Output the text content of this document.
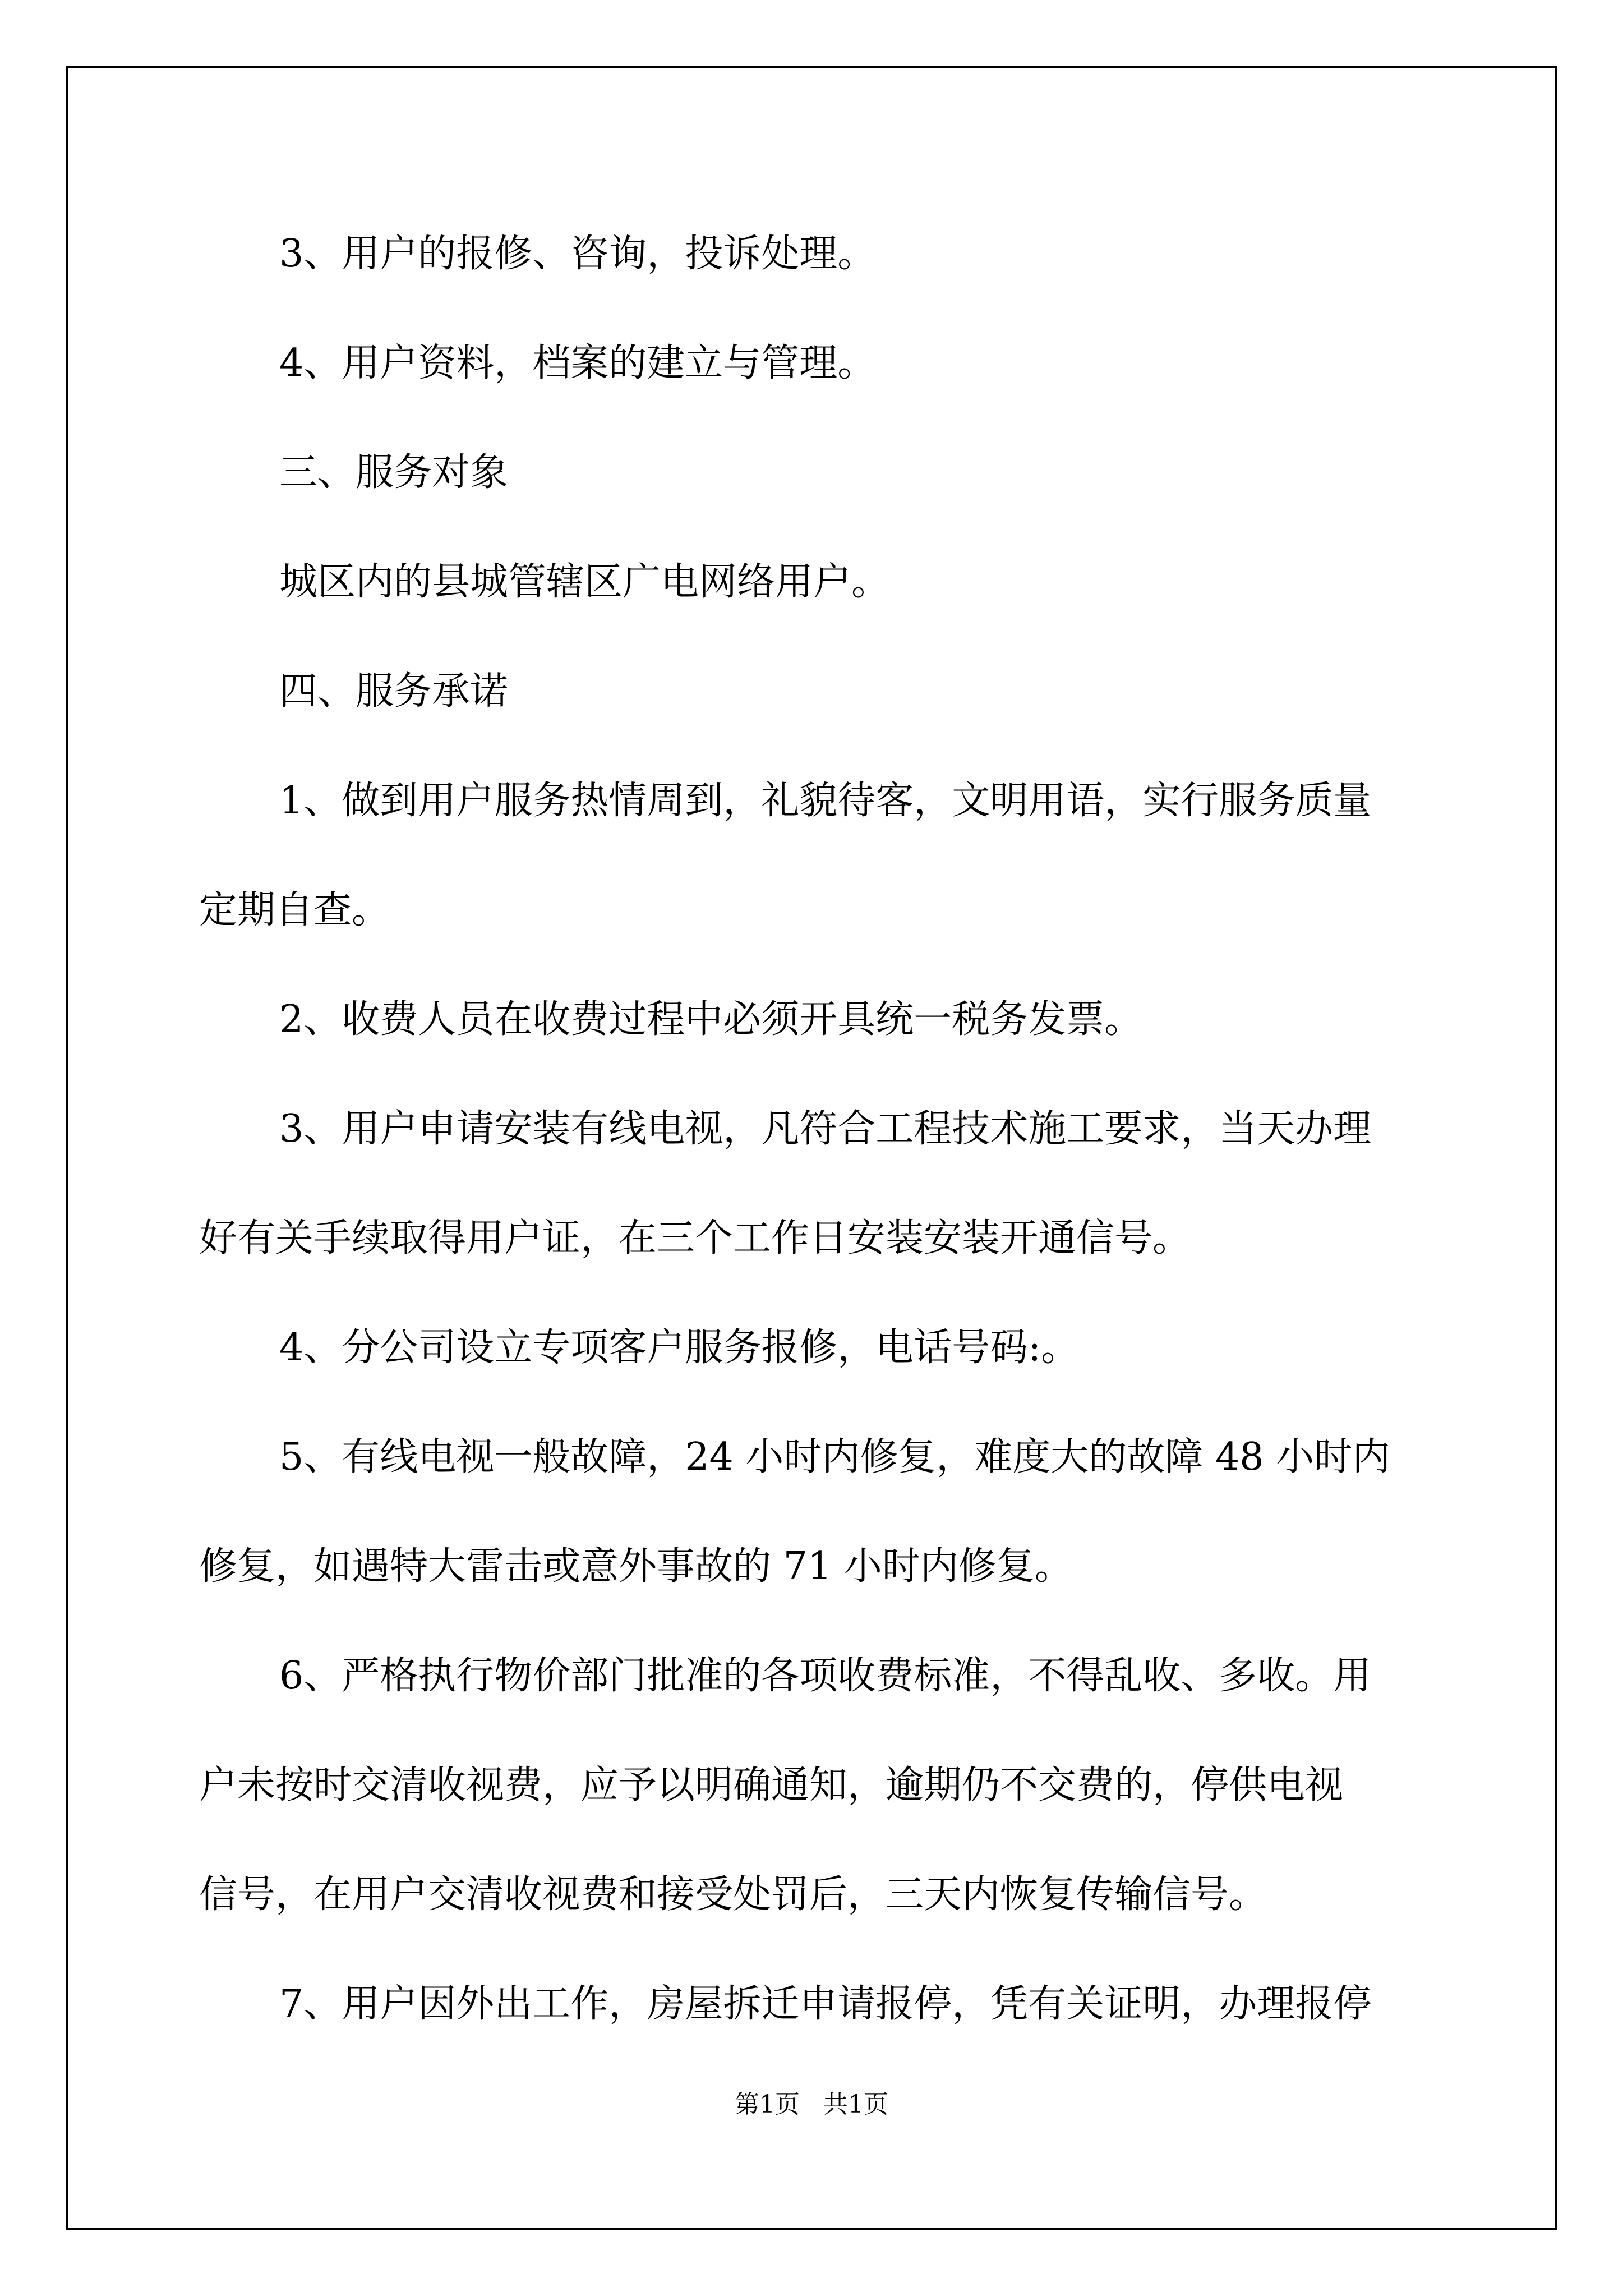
3、用户的报修、咨询，投诉处理。
4、用户资料，档案的建立与管理。
三、服务对象
城区内的县城管辖区广电网络用户。
四、服务承诺
1、做到用户服务热情周到，礼貌待客，文明用语，实行服务质量
定期自查。
2、收费人员在收费过程中必须开具统一税务发票。
3、用户申请安装有线电视，凡符合工程技术施工要求，当天办理
好有关手续取得用户证，在三个工作日安装安装开通信号。
4、分公司设立专项客户服务报修，电话号码:。
5、有线电视一般故障，24 小时内修复，难度大的故障 48 小时内
修复，如遇特大雷击或意外事故的 71 小时内修复。
6、严格执行物价部门批准的各项收费标准，不得乱收、多收。用
户未按时交清收视费，应予以明确通知，逾期仍不交费的，停供电视
信号，在用户交清收视费和接受处罚后，三天内恢复传输信号。
7、用户因外出工作，房屋拆迁申请报停，凭有关证明，办理报停
第1页   共1页
